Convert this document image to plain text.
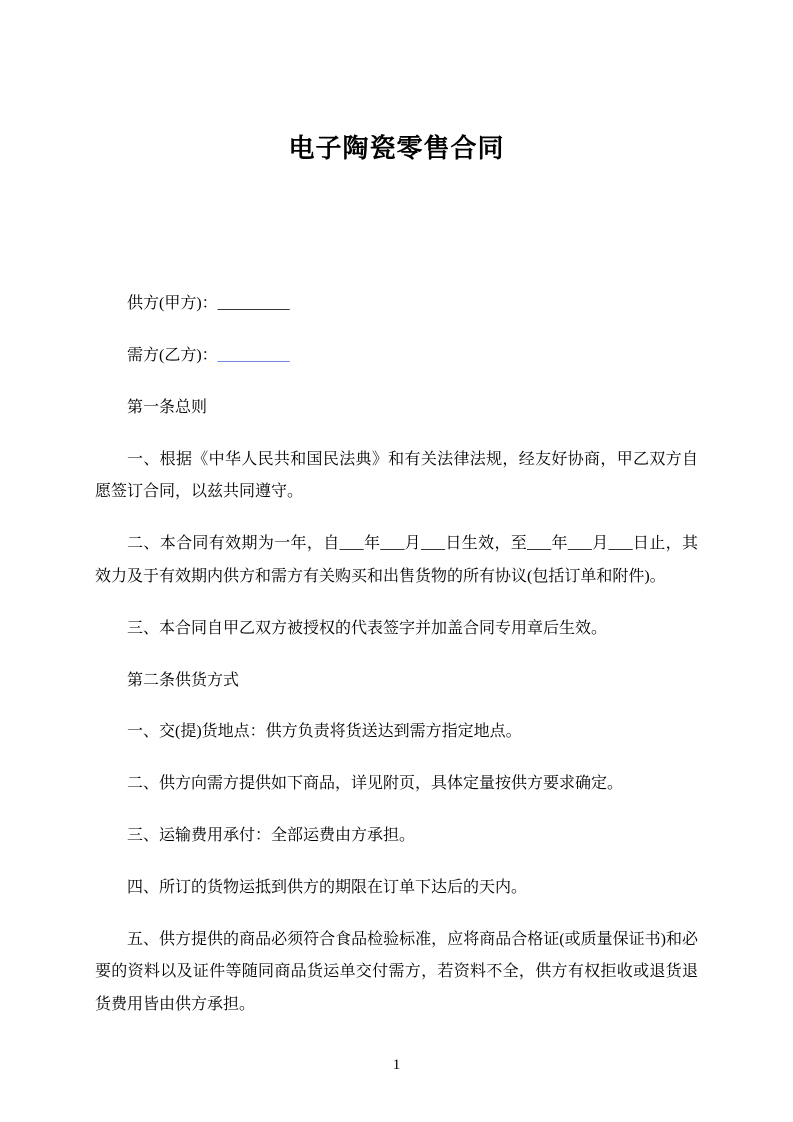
电子陶瓷零售合同

供方(甲方)：_________

需方(乙方)：_________

第一条总则

一、根据《中华人民共和国民法典》和有关法律法规，经友好协商，甲乙双方自愿签订合同，以兹共同遵守。

二、本合同有效期为一年，自___年___月___日生效，至___年___月___日止，其效力及于有效期内供方和需方有关购买和出售货物的所有协议(包括订单和附件)。

三、本合同自甲乙双方被授权的代表签字并加盖合同专用章后生效。

第二条供货方式

一、交(提)货地点：供方负责将货送达到需方指定地点。

二、供方向需方提供如下商品，详见附页，具体定量按供方要求确定。

三、运输费用承付：全部运费由方承担。

四、所订的货物运抵到供方的期限在订单下达后的天内。

五、供方提供的商品必须符合食品检验标准，应将商品合格证(或质量保证书)和必要的资料以及证件等随同商品货运单交付需方，若资料不全，供方有权拒收或退货退货费用皆由供方承担。

1
